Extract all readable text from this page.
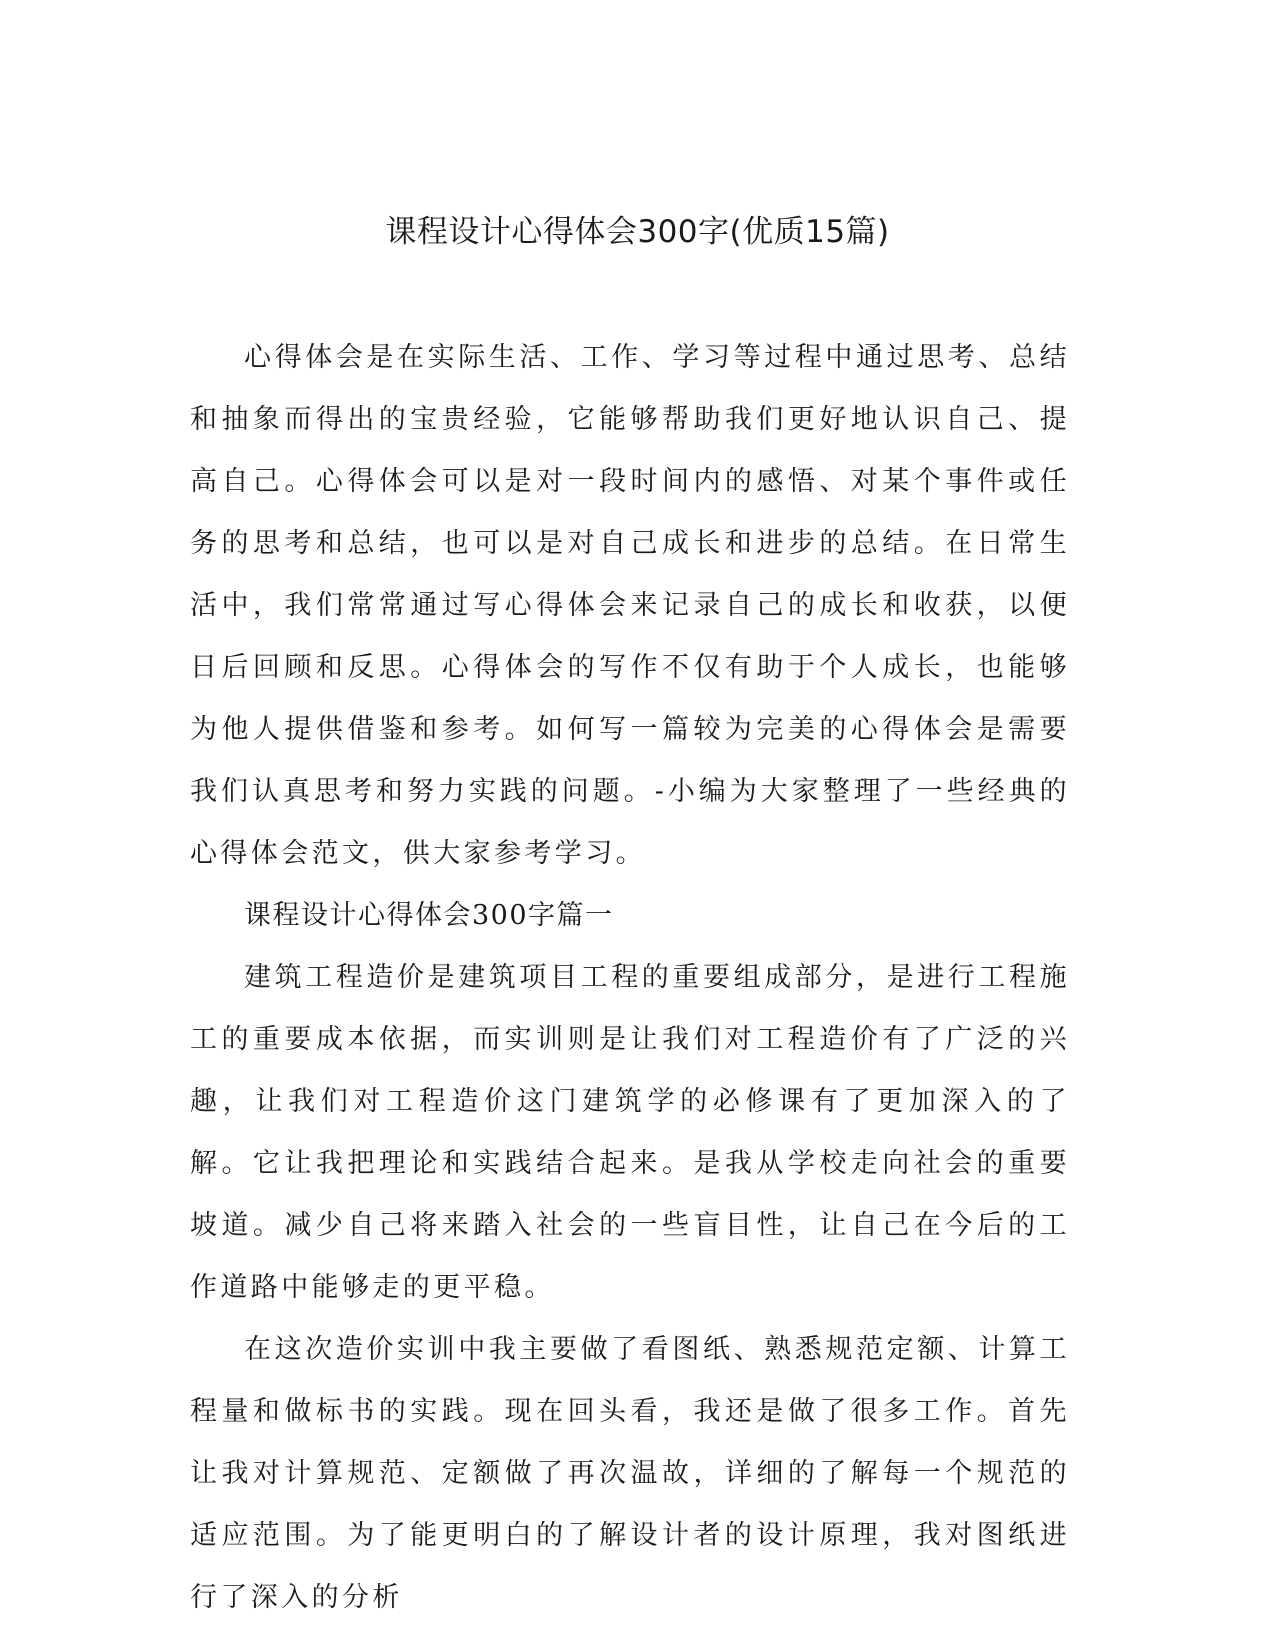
课程设计心得体会300字(优质15篇)

心得体会是在实际生活、工作、学习等过程中通过思考、总结和抽象而得出的宝贵经验，它能够帮助我们更好地认识自己、提高自己。心得体会可以是对一段时间内的感悟、对某个事件或任务的思考和总结，也可以是对自己成长和进步的总结。在日常生活中，我们常常通过写心得体会来记录自己的成长和收获，以便日后回顾和反思。心得体会的写作不仅有助于个人成长，也能够为他人提供借鉴和参考。如何写一篇较为完美的心得体会是需要我们认真思考和努力实践的问题。-小编为大家整理了一些经典的心得体会范文，供大家参考学习。

课程设计心得体会300字篇一

建筑工程造价是建筑项目工程的重要组成部分，是进行工程施工的重要成本依据，而实训则是让我们对工程造价有了广泛的兴趣，让我们对工程造价这门建筑学的必修课有了更加深入的了解。它让我把理论和实践结合起来。是我从学校走向社会的重要坡道。减少自己将来踏入社会的一些盲目性，让自己在今后的工作道路中能够走的更平稳。

在这次造价实训中我主要做了看图纸、熟悉规范定额、计算工程量和做标书的实践。现在回头看，我还是做了很多工作。首先让我对计算规范、定额做了再次温故，详细的了解每一个规范的适应范围。为了能更明白的了解设计者的设计原理，我对图纸进行了深入的分析
